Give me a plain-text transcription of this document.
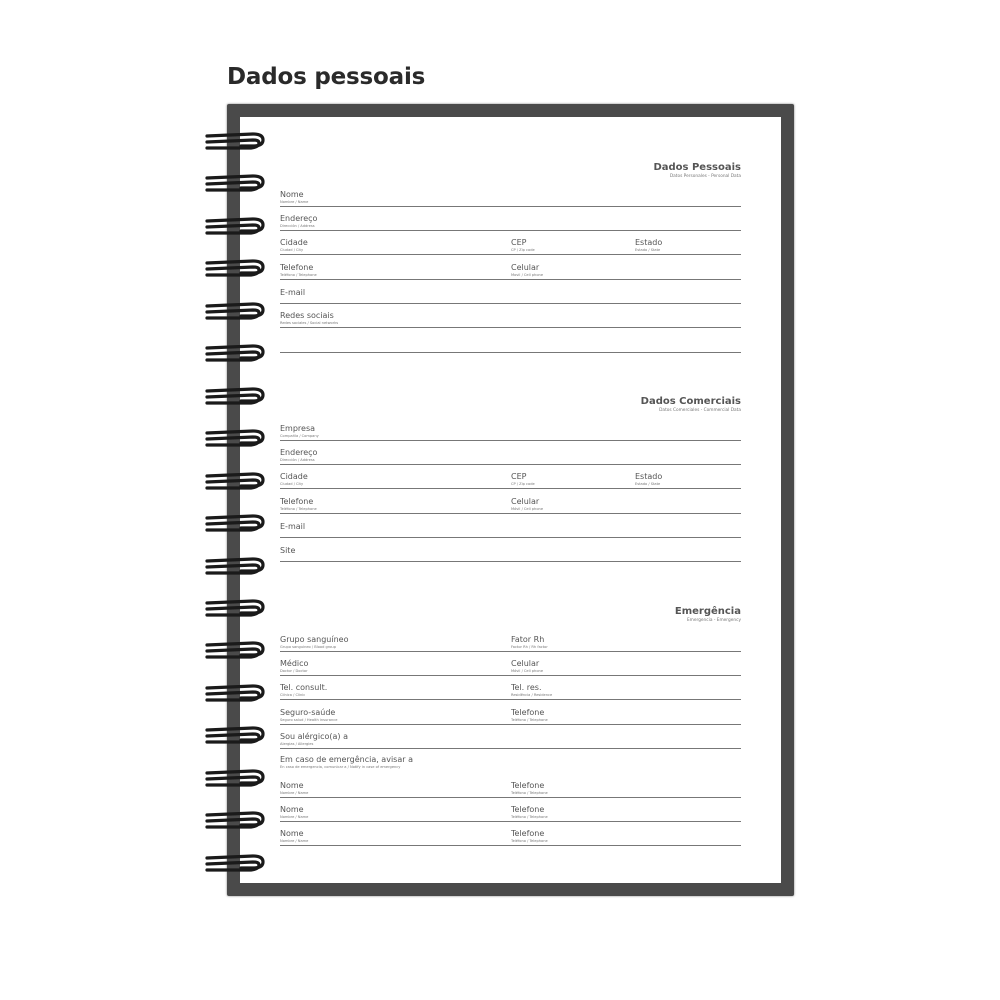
Dados pessoais
Dados Pessoais
Datos Personales - Personal Data
Nome
Nombre / Name
Endereço
Dirección / Address
Cidade
Ciudad / City
CEP
CP / Zip code
Estado
Estado / State
Telefone
Teléfono / Telephone
Celular
Movil / Cell phone
E-mail
Redes sociais
Redes sociales / Social networks
Dados Comerciais
Datos Comerciales - Commercial Data
Empresa
Compañía / Company
Endereço
Dirección / Address
Cidade
Ciudad / City
CEP
CP / Zip code
Estado
Estado / State
Telefone
Teléfono / Telephone
Celular
Móvil / Cell phone
E-mail
Site
Emergência
Emergencia - Emergency
Grupo sanguíneo
Grupo sanguineo / Blood group
Fator Rh
Factor Rh / Rh factor
Médico
Doctor / Doctor
Celular
Móvil / Cell phone
Tel. consult.
Clínica / Clinic
Tel. res.
Residência / Residence
Seguro-saúde
Seguro salud / Health insurance
Telefone
Teléfono / Telephone
Sou alérgico(a) a
Alergias / Allergies
Em caso de emergência, avisar a
En caso de emergencia, comunicar a / Notify in case of emergency
Nome
Nombre / Name
Telefone
Teléfono / Telephone
Nome
Nombre / Name
Telefone
Teléfono / Telephone
Nome
Nombre / Name
Telefone
Teléfono / Telephone
